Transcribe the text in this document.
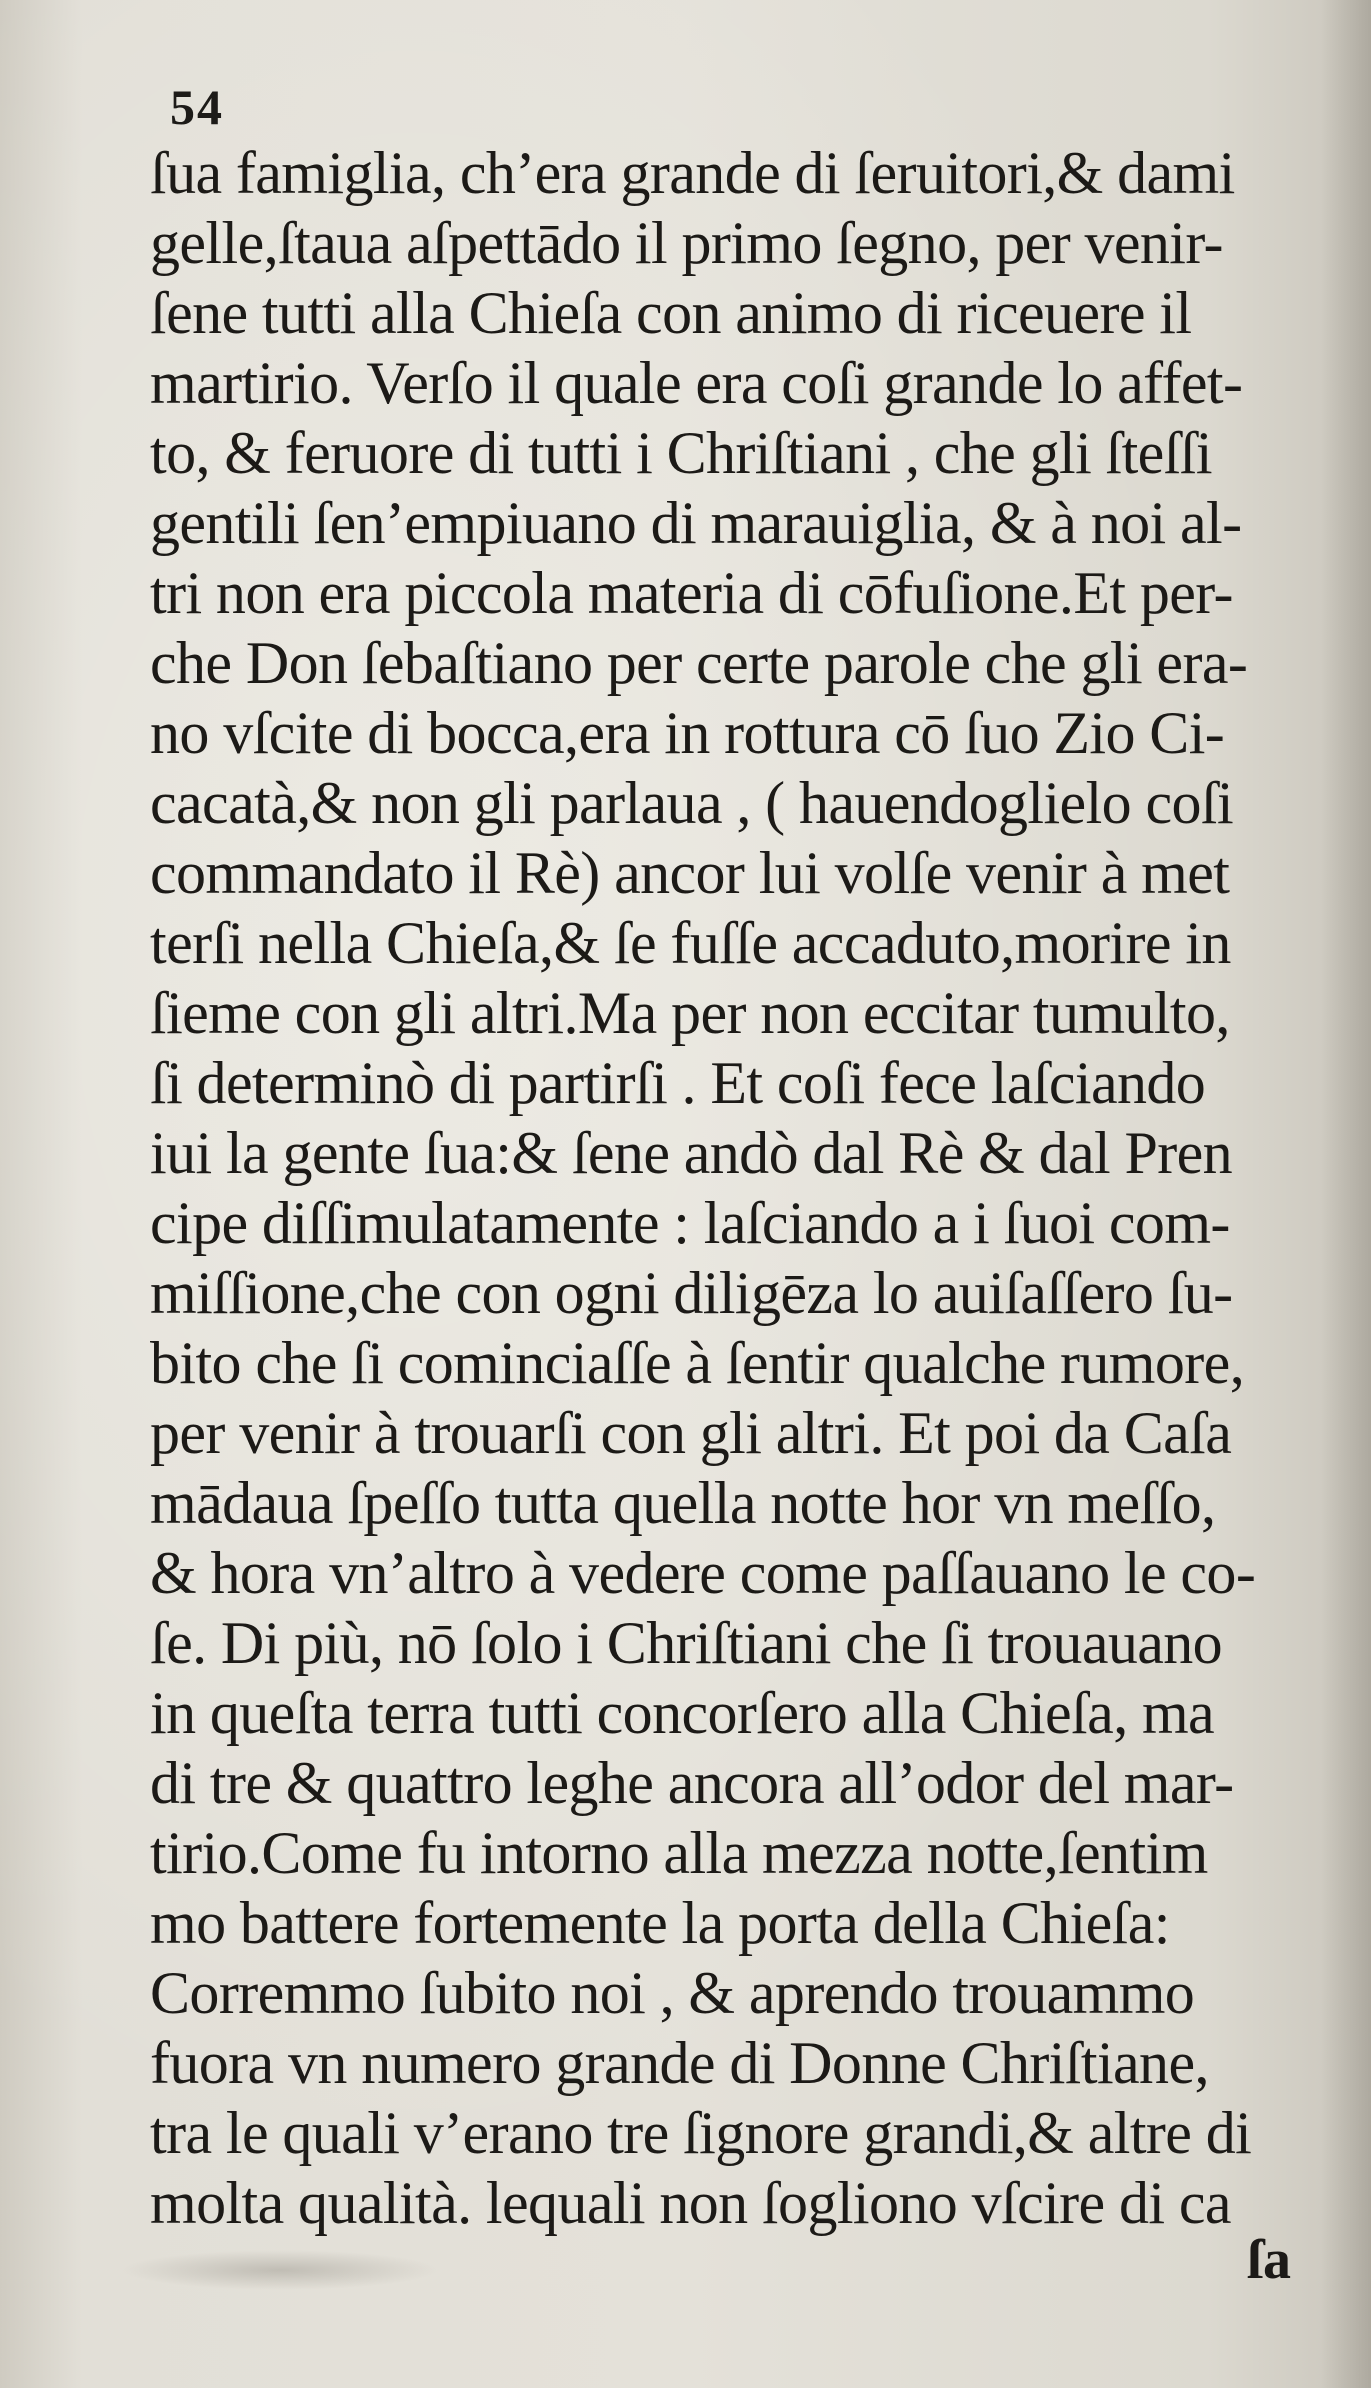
54
ſua famiglia, ch’era grande di ſeruitori,& dami
gelle,ſtaua aſpettādo il primo ſegno, per venir-
ſene tutti alla Chieſa con animo di riceuere il
martirio. Verſo il quale era coſi grande lo affet-
to, & feruore di tutti i Chriſtiani , che gli ſteſſi
gentili ſen’empiuano di marauiglia, & à noi al-
tri non era piccola materia di cōfuſione.Et per-
che Don ſebaſtiano per certe parole che gli era-
no vſcite di bocca,era in rottura cō ſuo Zio Ci-
cacatà,& non gli parlaua , ( hauendoglielo coſi
commandato il Rè) ancor lui volſe venir à met
terſi nella Chieſa,& ſe fuſſe accaduto,morire in
ſieme con gli altri.Ma per non eccitar tumulto,
ſi determinò di partirſi . Et coſi fece laſciando
iui la gente ſua:& ſene andò dal Rè & dal Pren
cipe diſſimulatamente : laſciando a i ſuoi com-
miſſione,che con ogni diligēza lo auiſaſſero ſu-
bito che ſi cominciaſſe à ſentir qualche rumore,
per venir à trouarſi con gli altri. Et poi da Caſa
mādaua ſpeſſo tutta quella notte hor vn meſſo,
& hora vn’altro à vedere come paſſauano le co-
ſe. Di più, nō ſolo i Chriſtiani che ſi trouauano
in queſta terra tutti concorſero alla Chieſa, ma
di tre & quattro leghe ancora all’odor del mar-
tirio.Come fu intorno alla mezza notte,ſentim
mo battere fortemente la porta della Chieſa:
Corremmo ſubito noi , & aprendo trouammo
fuora vn numero grande di Donne Chriſtiane,
tra le quali v’erano tre ſignore grandi,& altre di
molta qualità. lequali non ſogliono vſcire di ca
ſa
